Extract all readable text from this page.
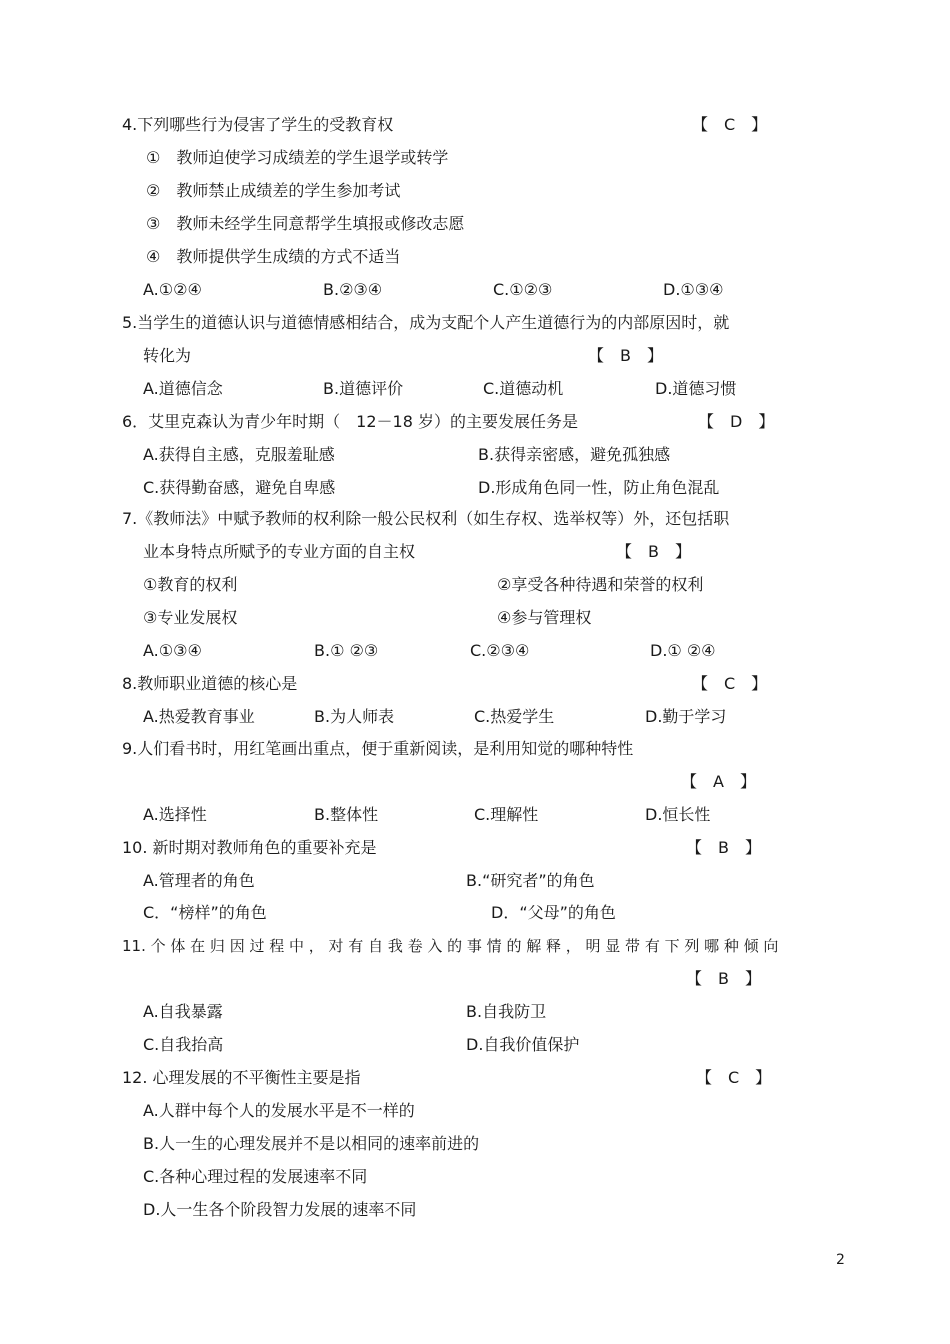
4.下列哪些行为侵害了学生的受教育权	【　C　】
①　教师迫使学习成绩差的学生退学或转学
②　教师禁止成绩差的学生参加考试
③　教师未经学生同意帮学生填报或修改志愿
④　教师提供学生成绩的方式不适当
A.①②④	B.②③④	C.①②③	D.①③④
5.当学生的道德认识与道德情感相结合，成为支配个人产生道德行为的内部原因时，就
转化为	【　B　】
A.道德信念	B.道德评价	C.道德动机	D.道德习惯
6．艾里克森认为青少年时期（　12－18 岁）的主要发展任务是	【　D　】
A.获得自主感，克服羞耻感	B.获得亲密感，避免孤独感
C.获得勤奋感，避免自卑感	D.形成角色同一性，防止角色混乱
7.《教师法》中赋予教师的权利除一般公民权利（如生存权、选举权等）外，还包括职
业本身特点所赋予的专业方面的自主权	【　B　】
①教育的权利	②享受各种待遇和荣誉的权利
③专业发展权	④参与管理权
A.①③④	B.① ②③	C.②③④	D.① ②④
8.教师职业道德的核心是	【　C　】
A.热爱教育事业	B.为人师表	C.热爱学生	D.勤于学习
9.人们看书时，用红笔画出重点，便于重新阅读，是利用知觉的哪种特性
【　A　】
A.选择性	B.整体性	C.理解性	D.恒长性
10. 新时期对教师角色的重要补充是	【　B　】
A.管理者的角色	B.“研究者”的角色
C．“榜样”的角色	D．“父母”的角色
11. 个 体 在 归 因 过 程 中 ， 对 有 自 我 卷 入 的 事 情 的 解 释 ， 明 显 带 有 下 列 哪 种 倾 向
【　B　】
A.自我暴露	B.自我防卫
C.自我抬高	D.自我价值保护
12. 心理发展的不平衡性主要是指	【　C　】
A.人群中每个人的发展水平是不一样的
B.人一生的心理发展并不是以相同的速率前进的
C.各种心理过程的发展速率不同
D.人一生各个阶段智力发展的速率不同
2
